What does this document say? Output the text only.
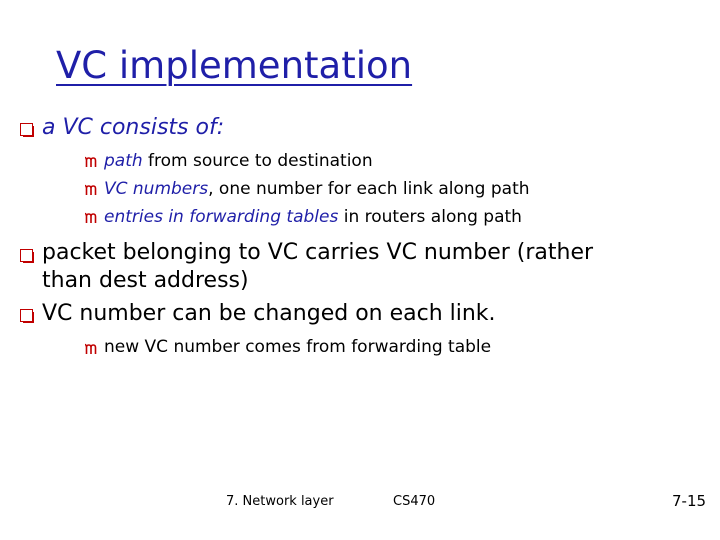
VC implementation
a VC consists of:
path from source to destination
VC numbers, one number for each link along path
entries in forwarding tables in routers along path
packet belonging to VC carries VC number (rather
than dest address)
VC number can be changed on each link.
new VC number comes from forwarding table
7. Network layer	CS470	7-15
